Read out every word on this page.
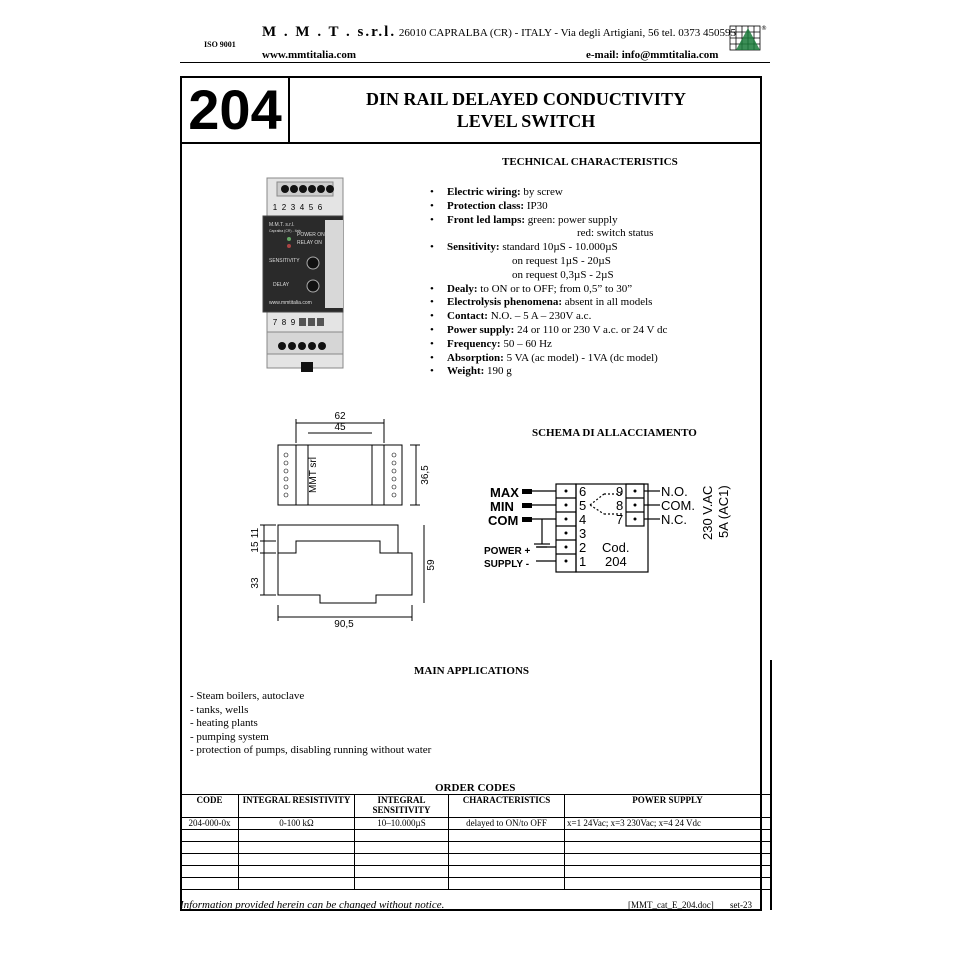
M . M . T . s.r.l. 26010 CAPRALBA (CR) - ITALY - Via degli Artigiani, 56 tel. 0373 450595
ISO 9001
www.mmtitalia.com	e-mail: info@mmtitalia.com
®
204	DIN RAIL DELAYED CONDUCTIVITY
LEVEL SWITCH
TECHNICAL CHARACTERISTICS
1 2 3 4 5 6
M.M.T. s.r.l.
Capralba (CR) - Italy
POWER ON
RELAY ON
SENSITIVITY
DELAY
www.mmtitalia.com
7 8 9
• Electric wiring: by screw
• Protection class: IP30
• Front led lamps: green: power supply
red: switch status
• Sensitivity: standard 10µS - 10.000µS
on request 1µS - 20µS
on request 0,3µS - 2µS
• Dealy: to ON or to OFF; from 0,5” to 30”
• Electrolysis phenomena: absent in all models
• Contact: N.O. – 5 A – 230V a.c.
• Power supply: 24 or 110 or 230 V a.c. or 24 V dc
• Frequency: 50 – 60 Hz
• Absorption: 5 VA (ac model) - 1VA (dc model)
• Weight: 190 g
62
45
36,5
MMT srl
15
11
33
59
90,5
SCHEMA DI ALLACCIAMENTO
MAX
MIN
COM
POWER +
SUPPLY -
6
5
4
3
2
1
9
8
7
N.O.
COM.
N.C.
Cod.
204
230 V.AC 5A (AC1)
MAIN APPLICATIONS
- Steam boilers, autoclave
- tanks, wells
- heating plants
- pumping system
- protection of pumps, disabling running without water
ORDER CODES
CODE	INTEGRAL RESISTIVITY	INTEGRAL SENSITIVITY	CHARACTERISTICS	POWER SUPPLY
204-000-0x	0-100 kΩ	10–10.000µS	delayed to ON/to OFF	x=1 24Vac; x=3 230Vac; x=4 24 Vdc

Information provided herein can be changed without notice.	[MMT_cat_E_204.doc] set-23
